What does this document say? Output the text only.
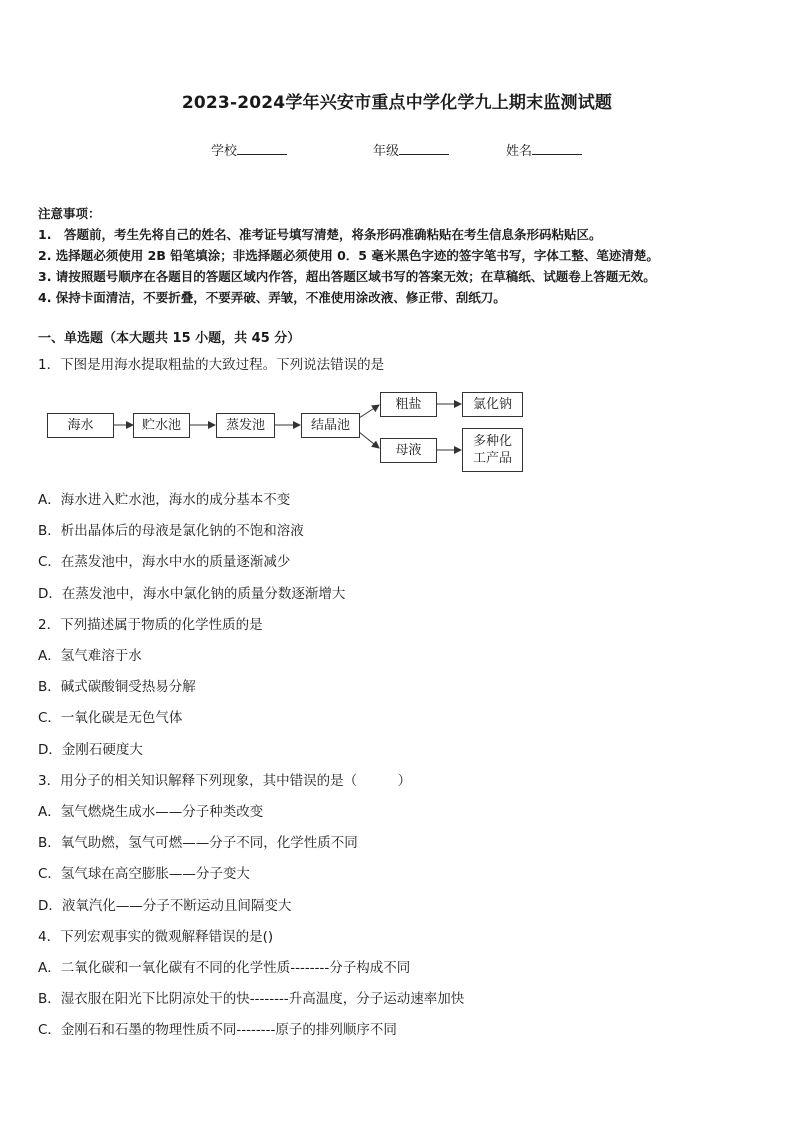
2023-2024学年兴安市重点中学化学九上期末监测试题
学校	年级	姓名
注意事项：
1.　答题前，考生先将自己的姓名、准考证号填写清楚，将条形码准确粘贴在考生信息条形码粘贴区。
2. 选择题必须使用 2B 铅笔填涂；非选择题必须使用 0．5 毫米黑色字迹的签字笔书写，字体工整、笔迹清楚。
3. 请按照题号顺序在各题目的答题区域内作答，超出答题区域书写的答案无效；在草稿纸、试题卷上答题无效。
4. 保持卡面清洁，不要折叠，不要弄破、弄皱，不准使用涂改液、修正带、刮纸刀。
一、单选题（本大题共 15 小题，共 45 分）
1．下图是用海水提取粗盐的大致过程。下列说法错误的是
海水	贮水池	蒸发池	结晶池
粗盐	氯化钠
母液
多种化
工产品
A．海水进入贮水池，海水的成分基本不变
B．析出晶体后的母液是氯化钠的不饱和溶液
C．在蒸发池中，海水中水的质量逐渐减少
D．在蒸发池中，海水中氯化钠的质量分数逐渐增大
2．下列描述属于物质的化学性质的是
A．氢气难溶于水
B．碱式碳酸铜受热易分解
C．一氧化碳是无色气体
D．金刚石硬度大
3．用分子的相关知识解释下列现象，其中错误的是（　　　）
A．氢气燃烧生成水——分子种类改变
B．氧气助燃，氢气可燃——分子不同，化学性质不同
C．氢气球在高空膨胀——分子变大
D．液氧汽化——分子不断运动且间隔变大
4．下列宏观事实的微观解释错误的是()
A．二氧化碳和一氧化碳有不同的化学性质--------分子构成不同
B．湿衣服在阳光下比阴凉处干的快--------升高温度，分子运动速率加快
C．金刚石和石墨的物理性质不同--------原子的排列顺序不同
